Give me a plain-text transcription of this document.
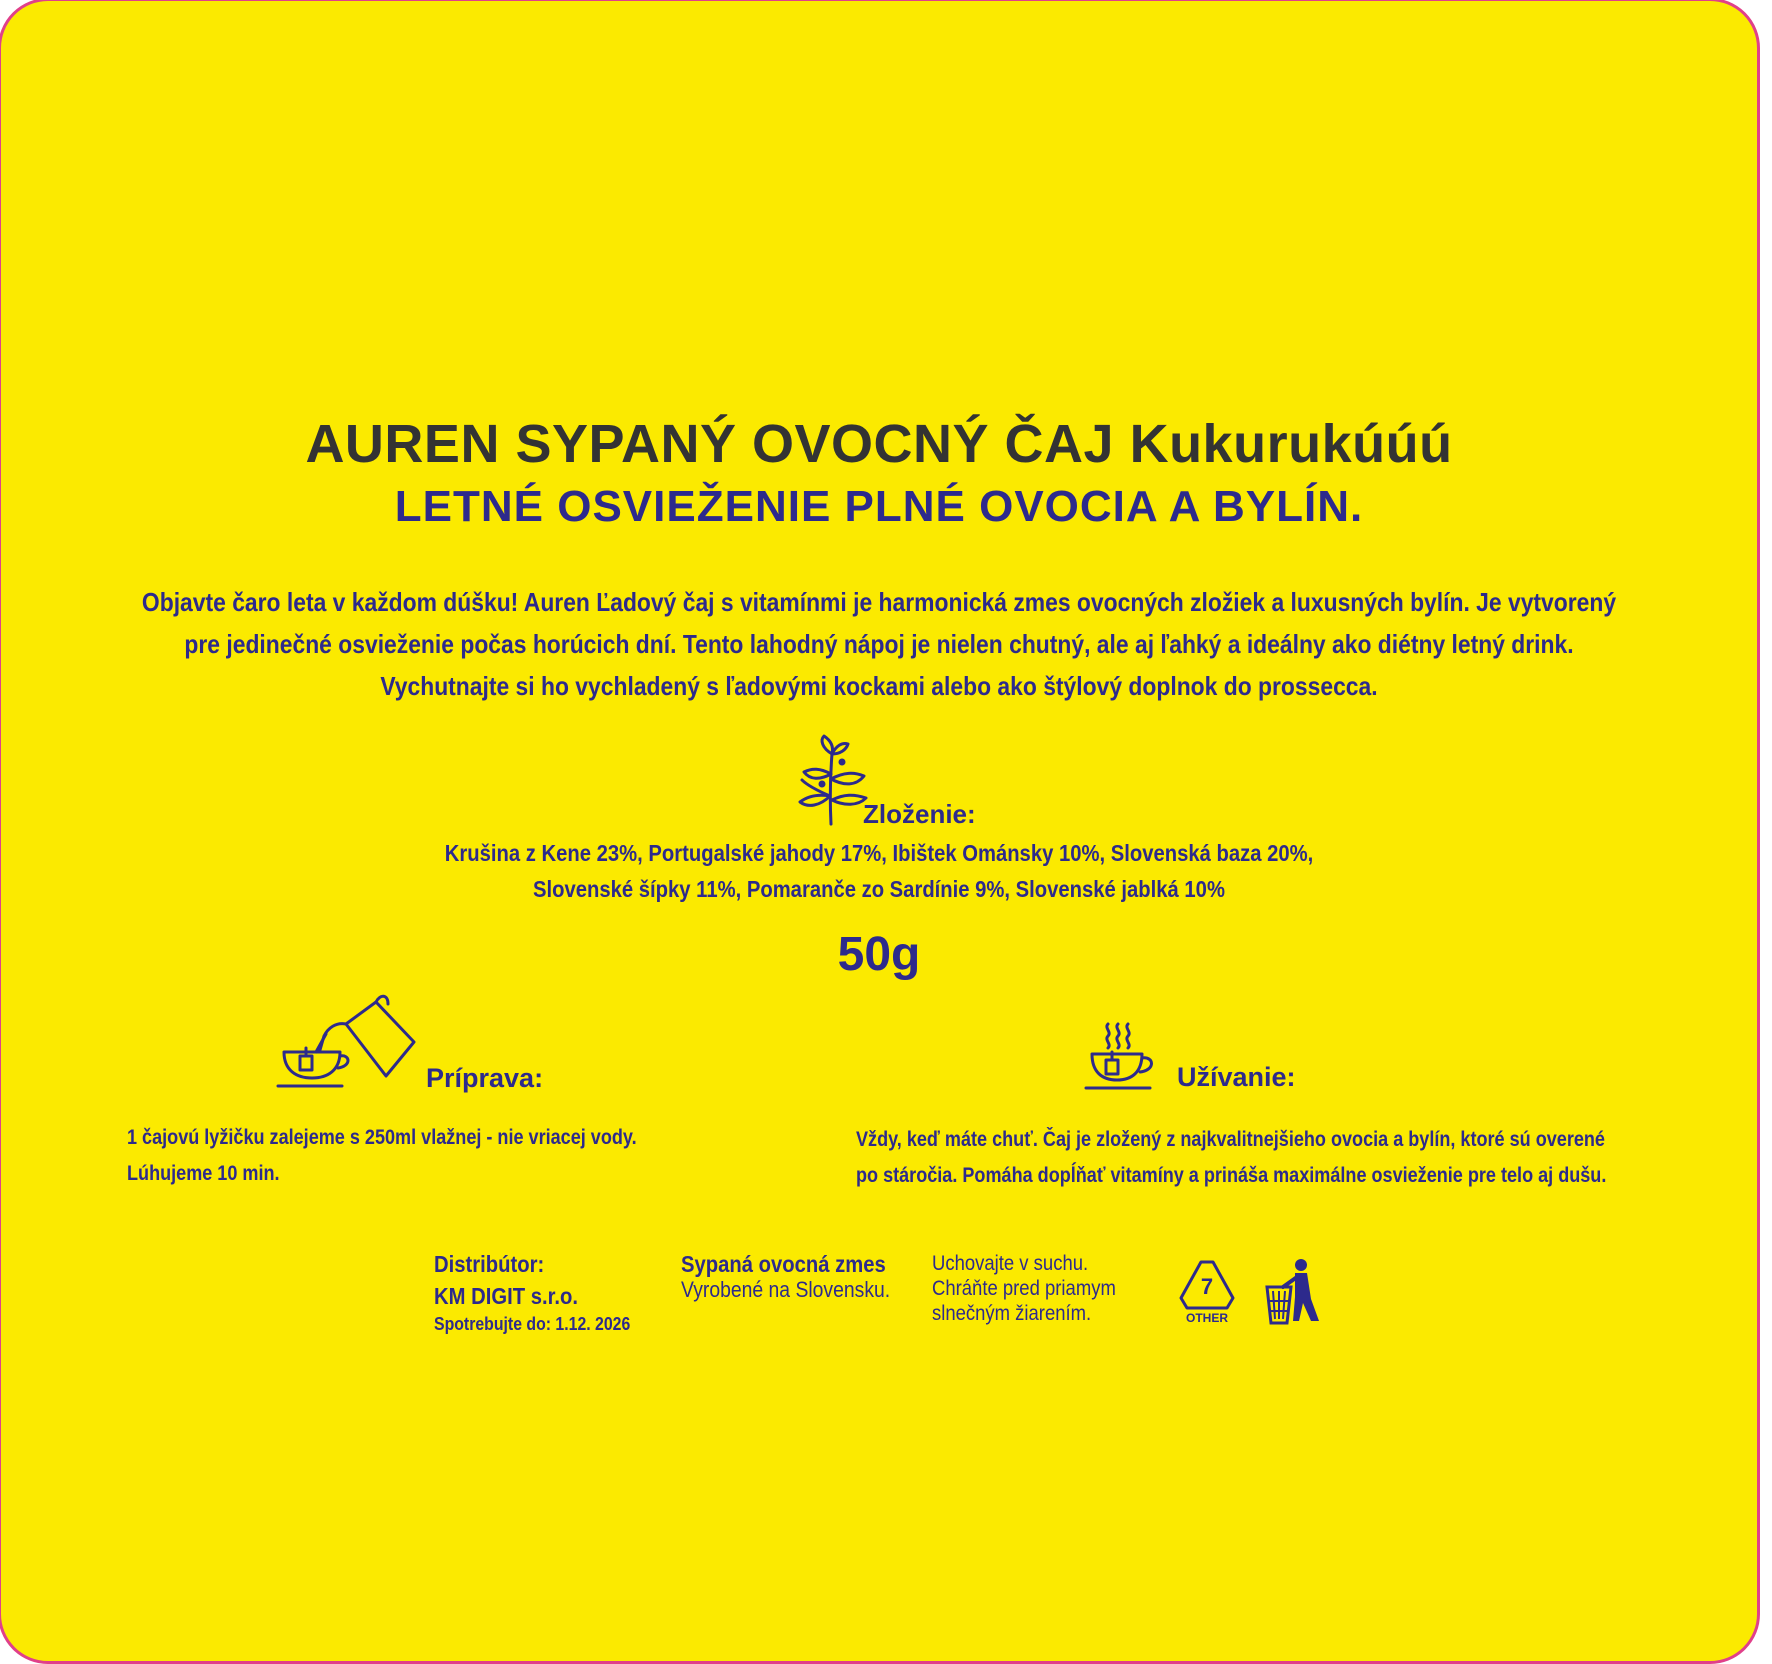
AUREN SYPANÝ OVOCNÝ ČAJ Kukurukúúú
LETNÉ OSVIEŽENIE PLNÉ OVOCIA A BYLÍN.
Objavte čaro leta v každom dúšku! Auren Ľadový čaj s vitamínmi je harmonická zmes ovocných zložiek a luxusných bylín. Je vytvorený
pre jedinečné osvieženie počas horúcich dní. Tento lahodný nápoj je nielen chutný, ale aj ľahký a ideálny ako diétny letný drink.
Vychutnajte si ho vychladený s ľadovými kockami alebo ako štýlový doplnok do prossecca.
Zloženie:
Krušina z Kene 23%, Portugalské jahody 17%, Ibištek Ománsky 10%, Slovenská baza 20%,
Slovenské šípky 11%, Pomaranče zo Sardínie 9%, Slovenské jablká 10%
50g
Príprava:
1 čajovú lyžičku zalejeme s 250ml vlažnej - nie vriacej vody.
Lúhujeme 10 min.
Užívanie:
Vždy, keď máte chuť. Čaj je zložený z najkvalitnejšieho ovocia a bylín, ktoré sú overené
po stáročia. Pomáha dopĺňať vitamíny a prináša maximálne osvieženie pre telo aj dušu.
Distribútor:
KM DIGIT s.r.o.
Spotrebujte do: 1.12. 2026
Sypaná ovocná zmes
Vyrobené na Slovensku.
Uchovajte v suchu.
Chráňte pred priamym
slnečným žiarením.
7
OTHER
